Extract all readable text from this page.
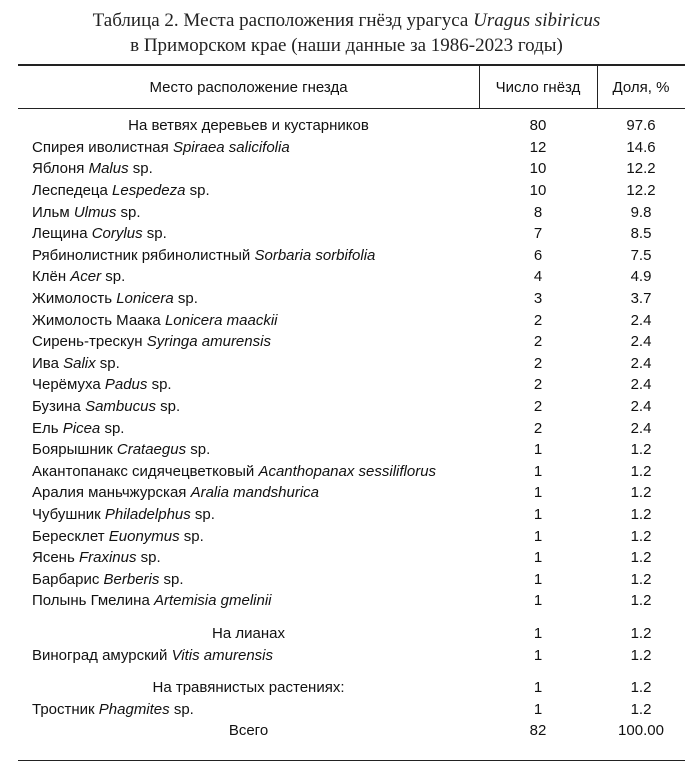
Таблица 2. Места расположения гнёзд урагуса Uragus sibiricus
в Приморском крае (наши данные за 1986-2023 годы)
Место расположение гнезда	Число гнёзд	Доля, %

На ветвях деревьев и кустарников	80	97.6
Спирея иволистная Spiraea salicifolia	12	14.6
Яблоня Malus sp.	10	12.2
Леспедеца Lespedeza sp.	10	12.2
Ильм Ulmus sp.	8	9.8
Лещина Corylus sp.	7	8.5
Рябинолистник рябинолистный Sorbaria sorbifolia	6	7.5
Клён Acer sp.	4	4.9
Жимолость Lonicera sp.	3	3.7
Жимолость Маака Lonicera maackii	2	2.4
Сирень-трескун Syringa amurensis	2	2.4
Ива Salix sp.	2	2.4
Черёмуха Padus sp.	2	2.4
Бузина Sambucus sp.	2	2.4
Ель Picea sp.	2	2.4
Боярышник Crataegus sp.	1	1.2
Акантопанакс сидячецветковый Acanthopanax sessiliflorus	1	1.2
Аралия маньчжурская Aralia mandshurica	1	1.2
Чубушник Philadelphus sp.	1	1.2
Бересклет Euonymus sp.	1	1.2
Ясень Fraxinus sp.	1	1.2
Барбарис Berberis sp.	1	1.2
Полынь Гмелина Artemisia gmelinii	1	1.2

На лианах	1	1.2
Виноград амурский Vitis amurensis	1	1.2

На травянистых растениях:	1	1.2
Тростник Phagmites sp.	1	1.2
Всего	82	100.00
